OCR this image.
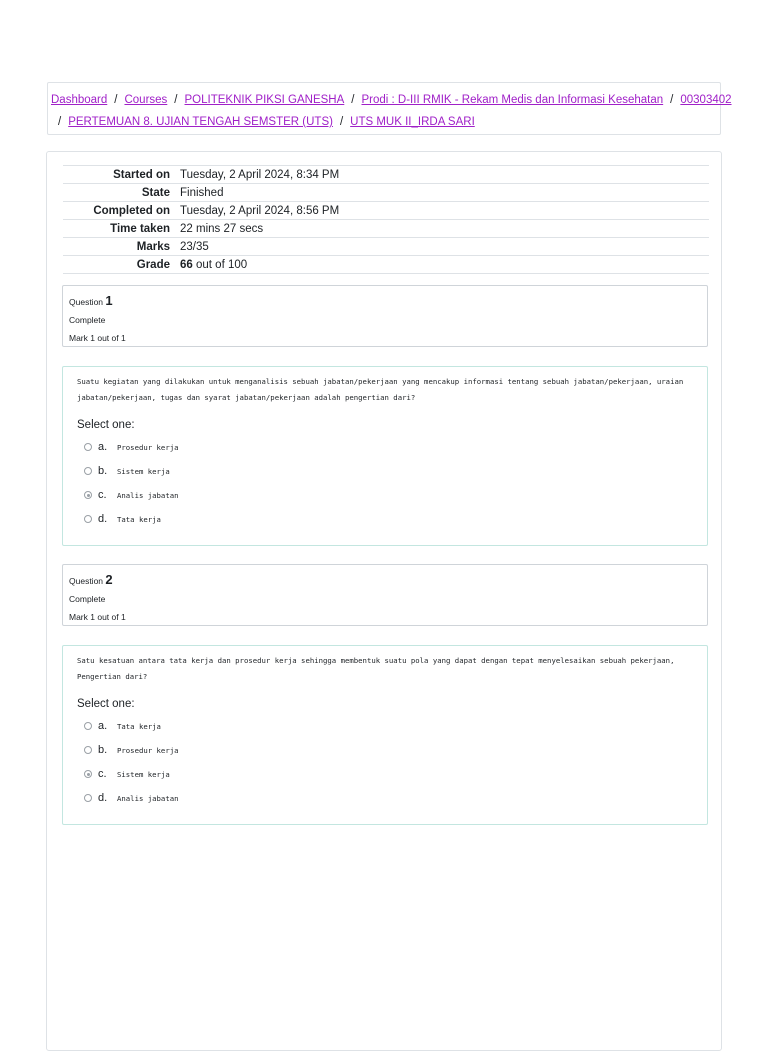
Dashboard / Courses / POLITEKNIK PIKSI GANESHA / Prodi : D-III RMIK - Rekam Medis dan Informasi Kesehatan / 00303402
/ PERTEMUAN 8. UJIAN TENGAH SEMSTER (UTS) / UTS MUK II_IRDA SARI
Started on	Tuesday, 2 April 2024, 8:34 PM
State	Finished
Completed on	Tuesday, 2 April 2024, 8:56 PM
Time taken	22 mins 27 secs
Marks	23/35
Grade	66 out of 100
Question 1
Complete
Mark 1 out of 1
Suatu kegiatan yang dilakukan untuk menganalisis sebuah jabatan/pekerjaan yang mencakup informasi tentang sebuah jabatan/pekerjaan, uraian jabatan/pekerjaan, tugas dan syarat jabatan/pekerjaan adalah pengertian dari?
Select one:
a.	Prosedur kerja
b.	Sistem kerja
c.	Analis jabatan
d.	Tata kerja
Question 2
Complete
Mark 1 out of 1
Satu kesatuan antara tata kerja dan prosedur kerja sehingga membentuk suatu pola yang dapat dengan tepat menyelesaikan sebuah pekerjaan, Pengertian dari?
Select one:
a.	Tata kerja
b.	Prosedur kerja
c.	Sistem kerja
d.	Analis jabatan
